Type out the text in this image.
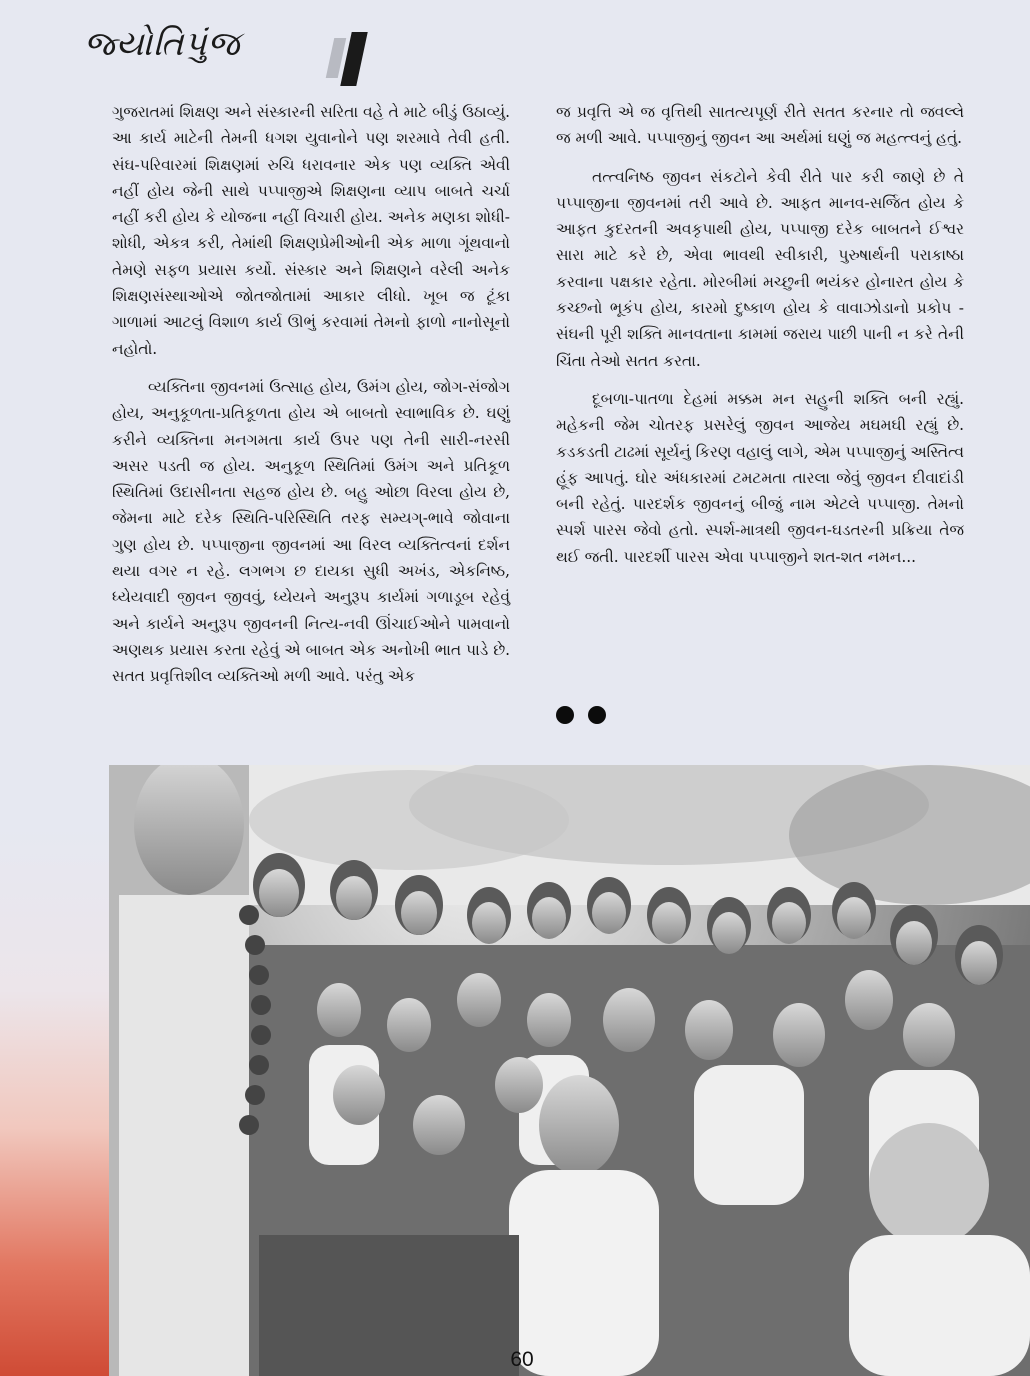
જ્યોતિપુંજ

ગુજરાતમાં શિક્ષણ અને સંસ્કારની સરિતા વહે તે માટે બીડું ઉઠાવ્યું. આ કાર્ય માટેની તેમની ધગશ યુવાનોને પણ શરમાવે તેવી હતી. સંઘ-પરિવારમાં શિક્ષણમાં રુચિ ધરાવનાર એક પણ વ્યક્તિ એવી નહીં હોય જેની સાથે પપ્પાજીએ શિક્ષણના વ્યાપ બાબતે ચર્ચા નહીં કરી હોય કે યોજના નહીં વિચારી હોય. અનેક મણકા શોધી-શોધી, એકત્ર કરી, તેમાંથી શિક્ષણપ્રેમીઓની એક માળા ગૂંથવાનો તેમણે સફળ પ્રયાસ કર્યો. સંસ્કાર અને શિક્ષણને વરેલી અનેક શિક્ષણસંસ્થાઓએ જોતજોતામાં આકાર લીધો. ખૂબ જ ટૂંકા ગાળામાં આટલું વિશાળ કાર્ય ઊભું કરવામાં તેમનો ફાળો નાનોસૂનો નહોતો.

વ્યક્તિના જીવનમાં ઉત્સાહ હોય, ઉમંગ હોય, જોગ-સંજોગ હોય, અનુકૂળતા-પ્રતિકૂળતા હોય એ બાબતો સ્વાભાવિક છે. ઘણું કરીને વ્યક્તિના મનગમતા કાર્ય ઉપર પણ તેની સારી-નરસી અસર પડતી જ હોય. અનુકૂળ સ્થિતિમાં ઉમંગ અને પ્રતિકૂળ સ્થિતિમાં ઉદાસીનતા સહજ હોય છે. બહુ ઓછા વિરલા હોય છે, જેમના માટે દરેક સ્થિતિ-પરિસ્થિતિ તરફ સમ્યગ્-ભાવે જોવાના ગુણ હોય છે. પપ્પાજીના જીવનમાં આ વિરલ વ્યક્તિત્વનાં દર્શન થયા વગર ન રહે. લગભગ છ દાયકા સુધી અખંડ, એકનિષ્ઠ, ધ્યેયવાદી જીવન જીવવું, ધ્યેયને અનુરૂપ કાર્યમાં ગળાડૂબ રહેવું અને કાર્યને અનુરૂપ જીવનની નિત્ય-નવી ઊંચાઈઓને પામવાનો અણથક પ્રયાસ કરતા રહેવું એ બાબત એક અનોખી ભાત પાડે છે. સતત પ્રવૃત્તિશીલ વ્યક્તિઓ મળી આવે. પરંતુ એક

જ પ્રવૃત્તિ એ જ વૃત્તિથી સાતત્યપૂર્ણ રીતે સતત કરનાર તો જવલ્લે જ મળી આવે. પપ્પાજીનું જીવન આ અર્થમાં ઘણું જ મહત્ત્વનું હતું.

તત્ત્વનિષ્ઠ જીવન સંકટોને કેવી રીતે પાર કરી જાણે છે તે પપ્પાજીના જીવનમાં તરી આવે છે. આફત માનવ-સર્જિત હોય કે આફત કુદરતની અવકૃપાથી હોય, પપ્પાજી દરેક બાબતને ઈશ્વર સારા માટે કરે છે, એવા ભાવથી સ્વીકારી, પુરુષાર્થની પરાકાષ્ઠા કરવાના પક્ષકાર રહેતા. મોરબીમાં મચ્છુની ભયંકર હોનારત હોય કે કચ્છનો ભૂકંપ હોય, કારમો દુષ્કાળ હોય કે વાવાઝોડાનો પ્રકોપ - સંઘની પૂરી શક્તિ માનવતાના કામમાં જરાય પાછી પાની ન કરે તેની ચિંતા તેઓ સતત કરતા.

દૂબળા-પાતળા દેહમાં મક્કમ મન સહુની શક્તિ બની રહ્યું. મહેકની જેમ ચોતરફ પ્રસરેલું જીવન આજેય મઘમઘી રહ્યું છે. કડકડતી ટાઢમાં સૂર્યનું કિરણ વહાલું લાગે, એમ પપ્પાજીનું અસ્તિત્વ હૂંફ આપતું. ઘોર અંધકારમાં ટમટમતા તારલા જેવું જીવન દીવાદાંડી બની રહેતું. પારદર્શક જીવનનું બીજું નામ એટલે પપ્પાજી. તેમનો સ્પર્શ પારસ જેવો હતો. સ્પર્શ-માત્રથી જીવન-ઘડતરની પ્રક્રિયા તેજ થઈ જતી. પારદર્શી પારસ એવા પપ્પાજીને શત-શત નમન...

60
